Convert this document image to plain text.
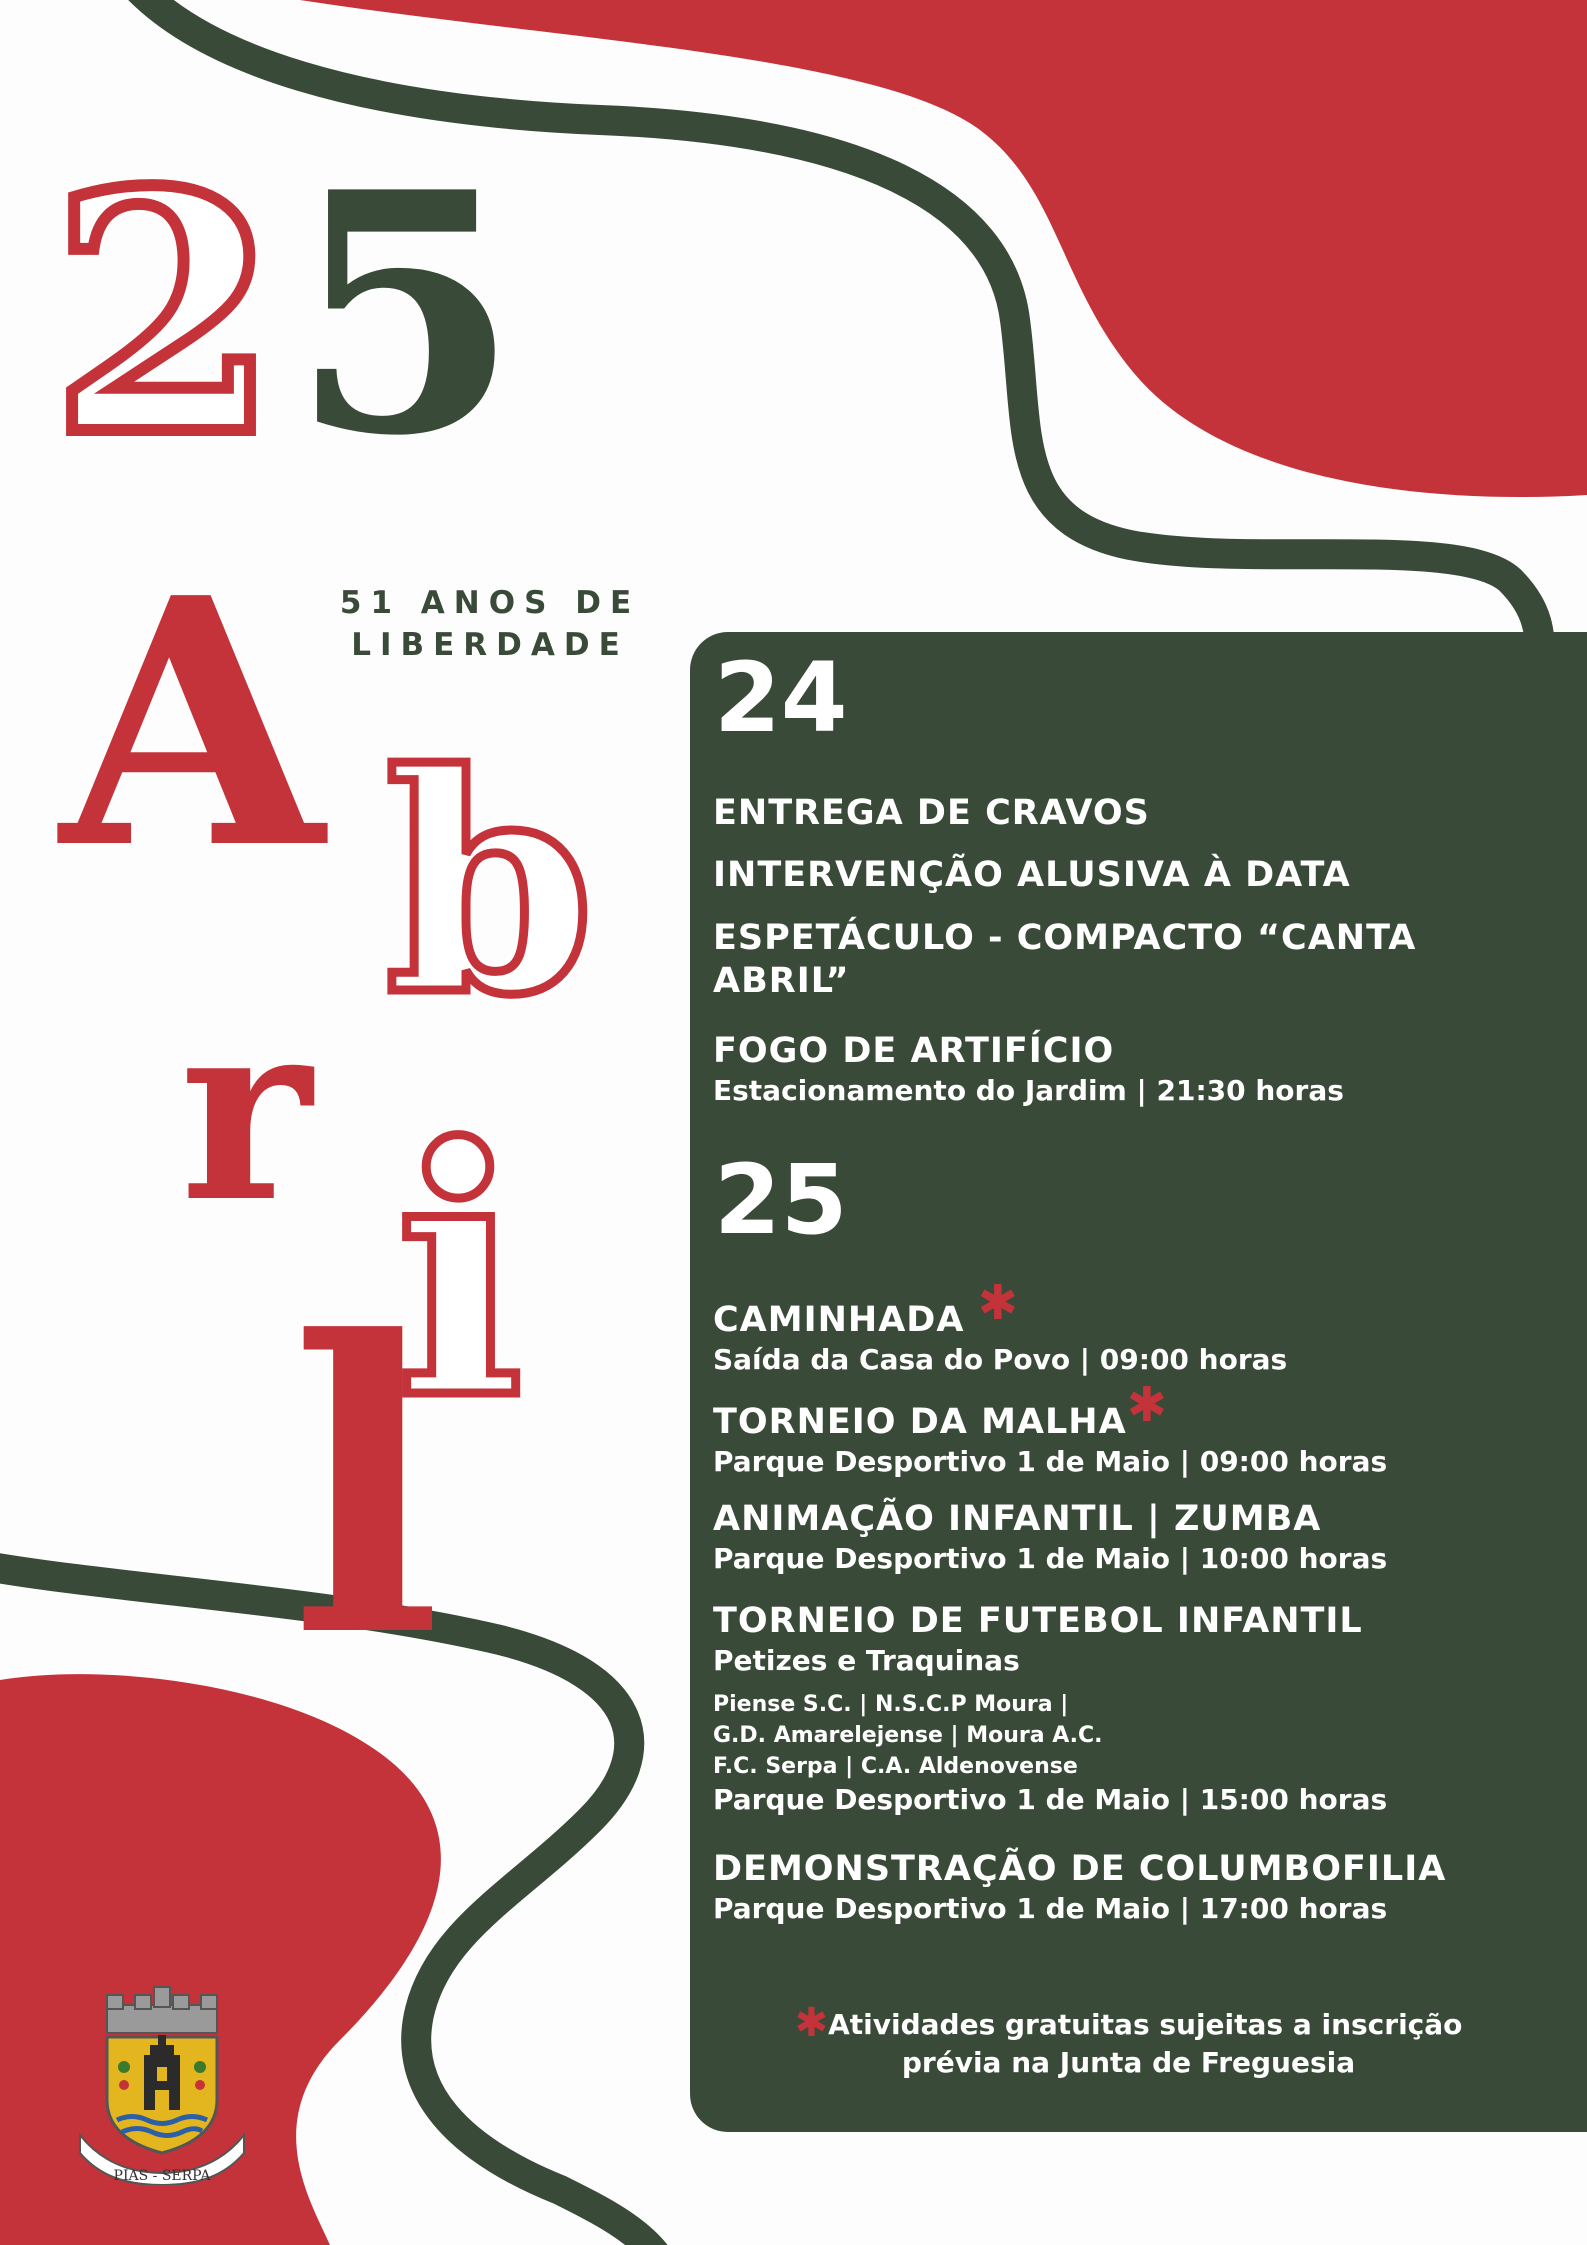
2 5
A b
r i
l
51 ANOS DE
LIBERDADE 24
ENTREGA DE CRAVOS
INTERVENÇÃO ALUSIVA À DATA
ESPETÁCULO - COMPACTO “CANTA
ABRIL”
FOGO DE ARTIFÍCIO
Estacionamento do Jardim | 21:30 horas
25
CAMINHADA ✱
Saída da Casa do Povo | 09:00 horas
TORNEIO DA MALHA✱
Parque Desportivo 1 de Maio | 09:00 horas
ANIMAÇÃO INFANTIL | ZUMBA
Parque Desportivo 1 de Maio | 10:00 horas
TORNEIO DE FUTEBOL INFANTIL
Petizes e Traquinas
Piense S.C. | N.S.C.P Moura |
G.D. Amarelejense | Moura A.C.
F.C. Serpa | C.A. Aldenovense
Parque Desportivo 1 de Maio | 15:00 horas
DEMONSTRAÇÃO DE COLUMBOFILIA
Parque Desportivo 1 de Maio | 17:00 horas
✱Atividades gratuitas sujeitas a inscrição
prévia na Junta de Freguesia
PIAS - SERPA
